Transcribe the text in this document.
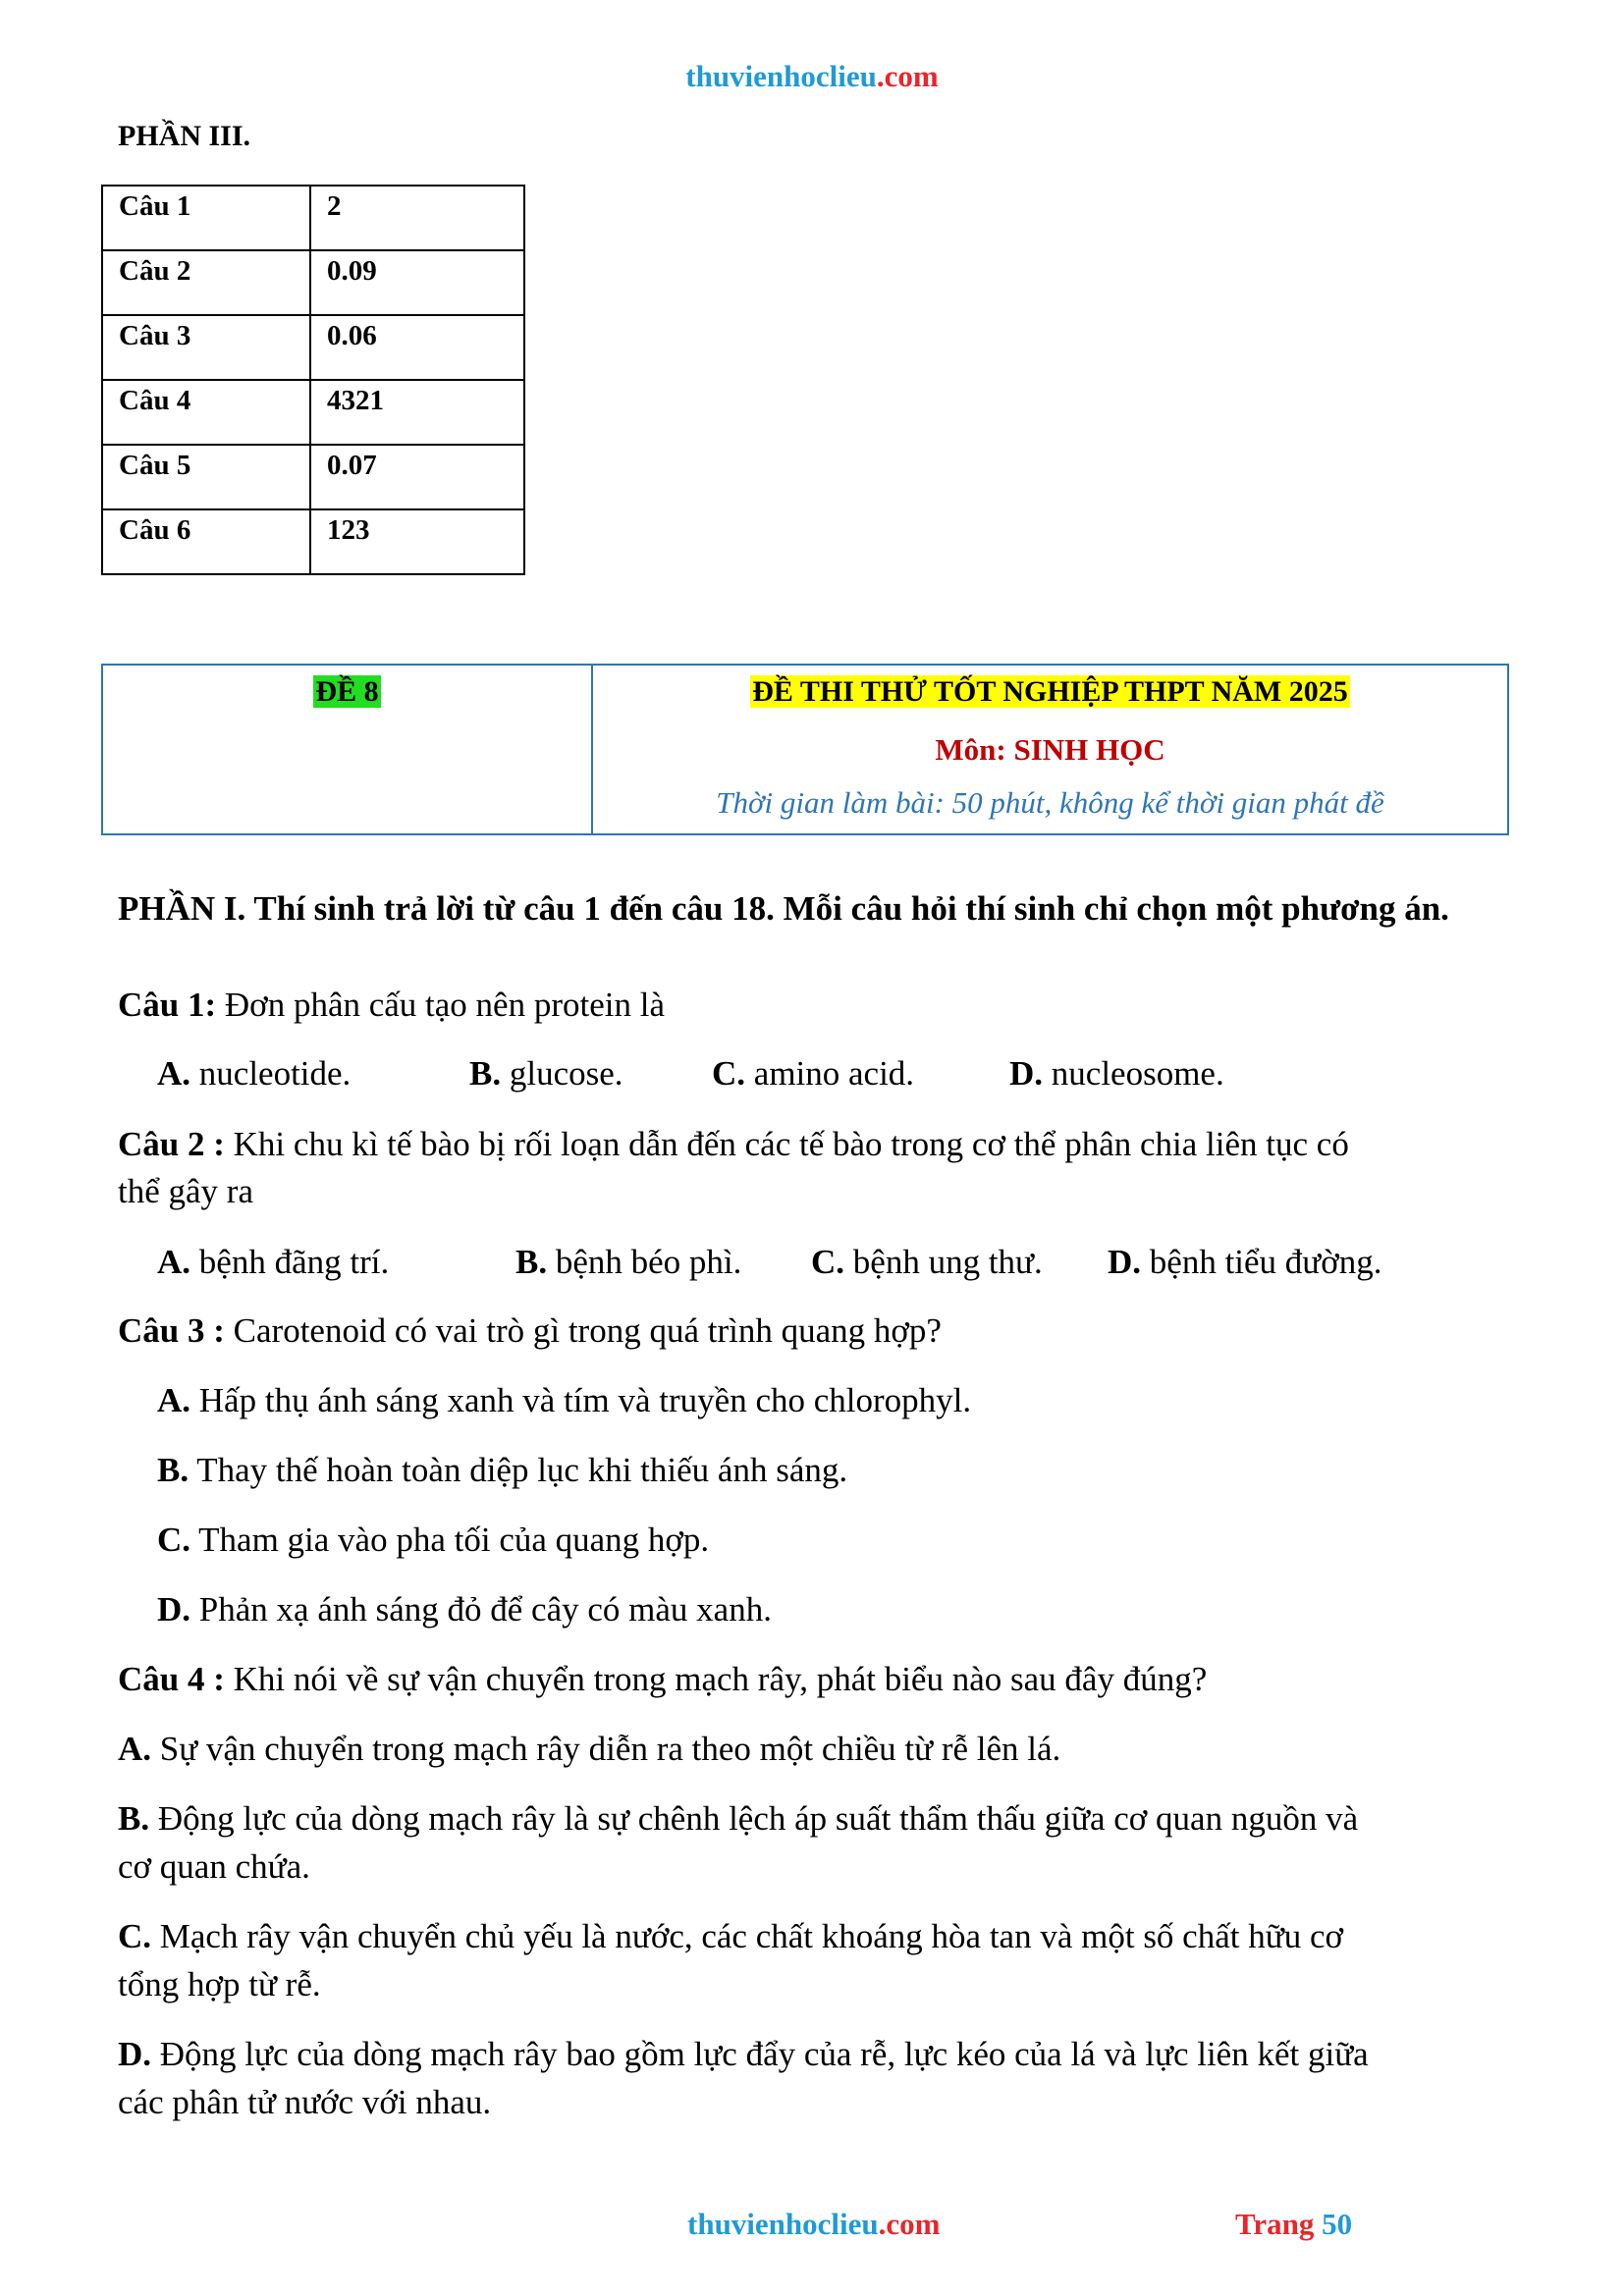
thuvienhoclieu.com
PHẦN III.
Câu 1	2
Câu 2	0.09
Câu 3	0.06
Câu 4	4321
Câu 5	0.07
Câu 6	123
ĐỀ 8	ĐỀ THI THỬ TỐT NGHIỆP THPT NĂM 2025
Môn: SINH HỌC
Thời gian làm bài: 50 phút, không kể thời gian phát đề
PHẦN I. Thí sinh trả lời từ câu 1 đến câu 18. Mỗi câu hỏi thí sinh chỉ chọn một phương án.
Câu 1: Đơn phân cấu tạo nên protein là
A. nucleotide.	B. glucose.	C. amino acid.	D. nucleosome.
Câu 2 : Khi chu kì tế bào bị rối loạn dẫn đến các tế bào trong cơ thể phân chia liên tục có
thể gây ra
A. bệnh đãng trí.	B. bệnh béo phì. C. bệnh ung thư. D. bệnh tiểu đường.
Câu 3 : Carotenoid có vai trò gì trong quá trình quang hợp?
A. Hấp thụ ánh sáng xanh và tím và truyền cho chlorophyl.
B. Thay thế hoàn toàn diệp lục khi thiếu ánh sáng.
C. Tham gia vào pha tối của quang hợp.
D. Phản xạ ánh sáng đỏ để cây có màu xanh.
Câu 4 : Khi nói về sự vận chuyển trong mạch rây, phát biểu nào sau đây đúng?
A. Sự vận chuyển trong mạch rây diễn ra theo một chiều từ rễ lên lá.
B. Động lực của dòng mạch rây là sự chênh lệch áp suất thẩm thấu giữa cơ quan nguồn và
cơ quan chứa.
C. Mạch rây vận chuyển chủ yếu là nước, các chất khoáng hòa tan và một số chất hữu cơ
tổng hợp từ rễ.
D. Động lực của dòng mạch rây bao gồm lực đẩy của rễ, lực kéo của lá và lực liên kết giữa
các phân tử nước với nhau.
thuvienhoclieu.com	Trang 50
